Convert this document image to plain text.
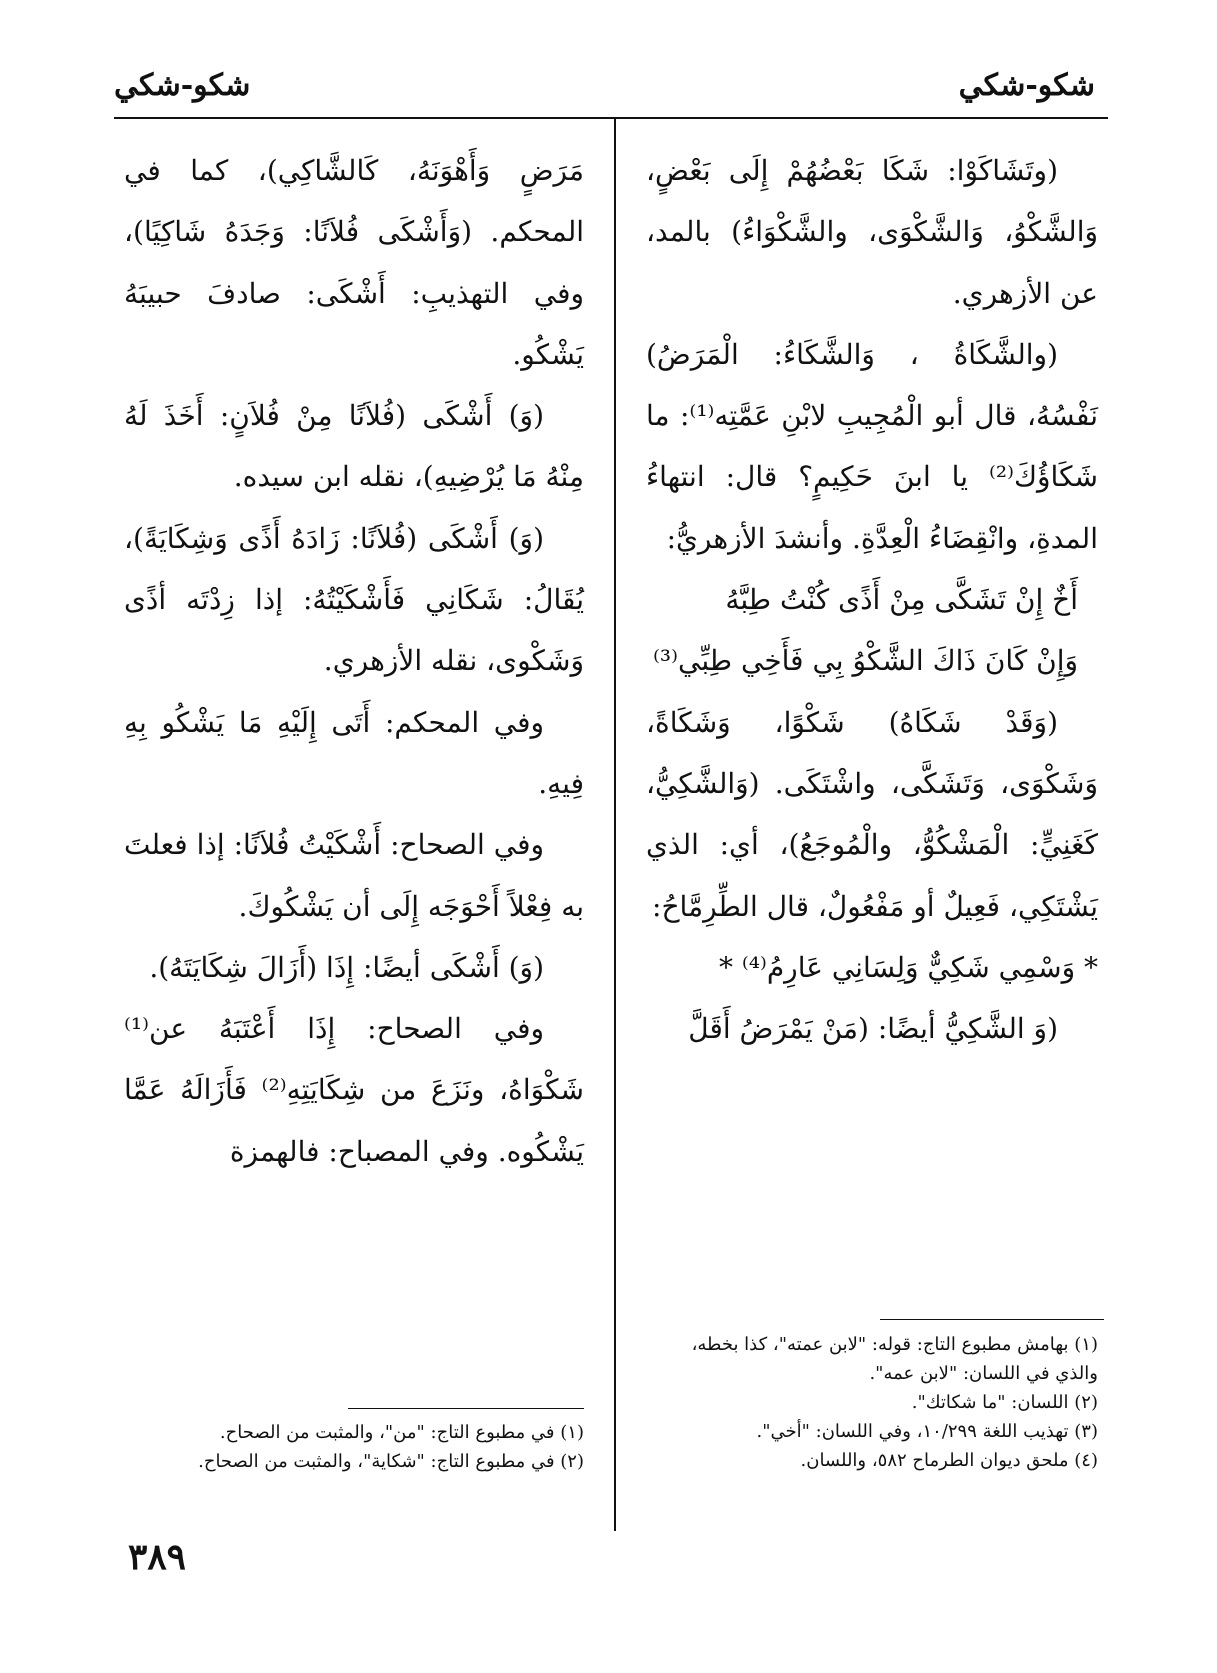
شكو-شكي
شكو-شكي

(وتَشَاكَوْا: شَكَا بَعْضُهُمْ إِلَى بَعْضٍ، وَالشَّكْوُ، وَالشَّكْوَى، والشَّكْوَاءُ) بالمد، عن الأزهري.

(والشَّكَاةُ ، وَالشَّكَاءُ: الْمَرَضُ) نَفْسُهُ، قال أبو الْمُجِيبِ لابْنِ عَمَّتِه⁽¹⁾: ما شَكَاؤُكَ⁽²⁾ يا ابنَ حَكِيمٍ؟ قال: انتهاءُ المدةِ، وانْقِضَاءُ الْعِدَّةِ. وأنشدَ الأزهريُّ:

أَخٌ إِنْ تَشَكَّى مِنْ أَذًى كُنْتُ طِبَّهُ

وَإِنْ كَانَ ذَاكَ الشَّكْوُ بِي فَأَخِي طِبِّي⁽³⁾

(وَقَدْ شَكَاهُ) شَكْوًا، وَشَكَاةً، وَشَكْوَى، وَتَشَكَّى، واشْتَكَى. (وَالشَّكِيُّ، كَغَنِيٍّ: الْمَشْكُوُّ، والْمُوجَعُ)، أي: الذي يَشْتَكِي، فَعِيلٌ أو مَفْعُولٌ، قال الطِّرِمَّاحُ:

* وَسْمِي شَكِيٌّ وَلِسَانِي عَارِمُ⁽⁴⁾ *

(وَ الشَّكِيُّ أيضًا: (مَنْ يَمْرَضُ أَقَلَّ

مَرَضٍ وَأَهْوَنَهُ، كَالشَّاكِي)، كما في المحكم. (وَأَشْكَى فُلاَنًا: وَجَدَهُ شَاكِيًا)، وفي التهذيبِ: أَشْكَى: صادفَ حبيبَهُ يَشْكُو.

(وَ) أَشْكَى (فُلاَنًا مِنْ فُلاَنٍ: أَخَذَ لَهُ مِنْهُ مَا يُرْضِيهِ)، نقله ابن سيده.

(وَ) أَشْكَى (فُلاَنًا: زَادَهُ أَذًى وَشِكَايَةً)، يُقَالُ: شَكَانِي فَأَشْكَيْتُهُ: إذا زِدْتَه أذًى وَشَكْوى، نقله الأزهري.

وفي المحكم: أَتَى إِلَيْهِ مَا يَشْكُو بِهِ فِيهِ.

وفي الصحاح: أَشْكَيْتُ فُلاَنًا: إذا فعلتَ به فِعْلاً أَحْوَجَه إِلَى أن يَشْكُوكَ.

(وَ) أَشْكَى أيضًا: إِذَا (أَزَالَ شِكَايَتَهُ).

وفي الصحاح: إِذَا أَعْتَبَهُ عن⁽¹⁾ شَكْوَاهُ، ونَزَعَ من شِكَايَتِهِ⁽²⁾ فَأَزَالَهُ عَمَّا يَشْكُوه. وفي المصباح: فالهمزة

(١) بهامش مطبوع التاج: قوله: "لابن عمته"، كذا بخطه، والذي في اللسان: "لابن عمه".
(٢) اللسان: "ما شكاتك".
(٣) تهذيب اللغة ١٠/٢٩٩، وفي اللسان: "أخي".
(٤) ملحق ديوان الطرماح ٥٨٢، واللسان.
(١) في مطبوع التاج: "من"، والمثبت من الصحاح.
(٢) في مطبوع التاج: "شكاية"، والمثبت من الصحاح.
٣٨٩
